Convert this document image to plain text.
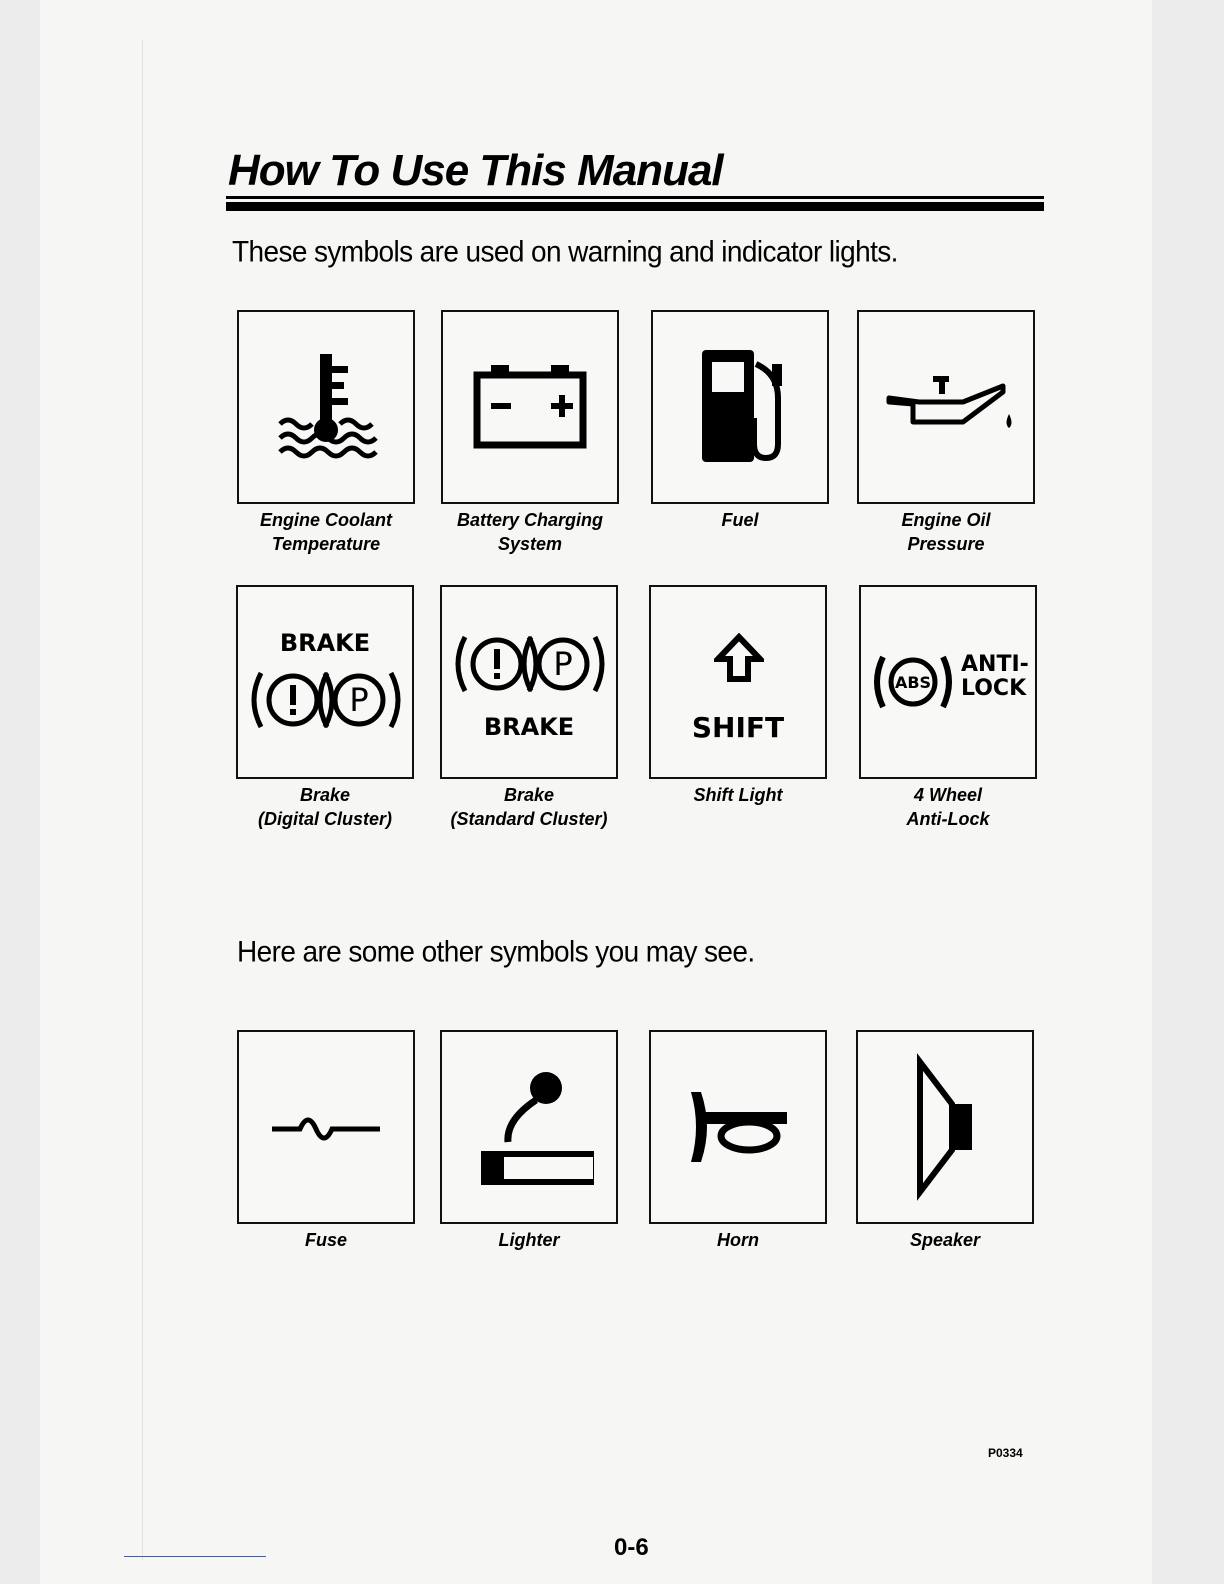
How To Use This Manual

These symbols are used on warning and indicator lights.

Engine Coolant
Temperature
Battery Charging
System
Fuel	Engine Oil
Pressure
BRAKE
P
Brake
(Digital Cluster)
P
BRAKE
Brake
(Standard Cluster)
SHIFT
Shift Light
ABS
ANTI-
LOCK
4 Wheel
Anti-Lock

Here are some other symbols you may see.

Fuse	Lighter	Horn	Speaker

P0334

0-6
